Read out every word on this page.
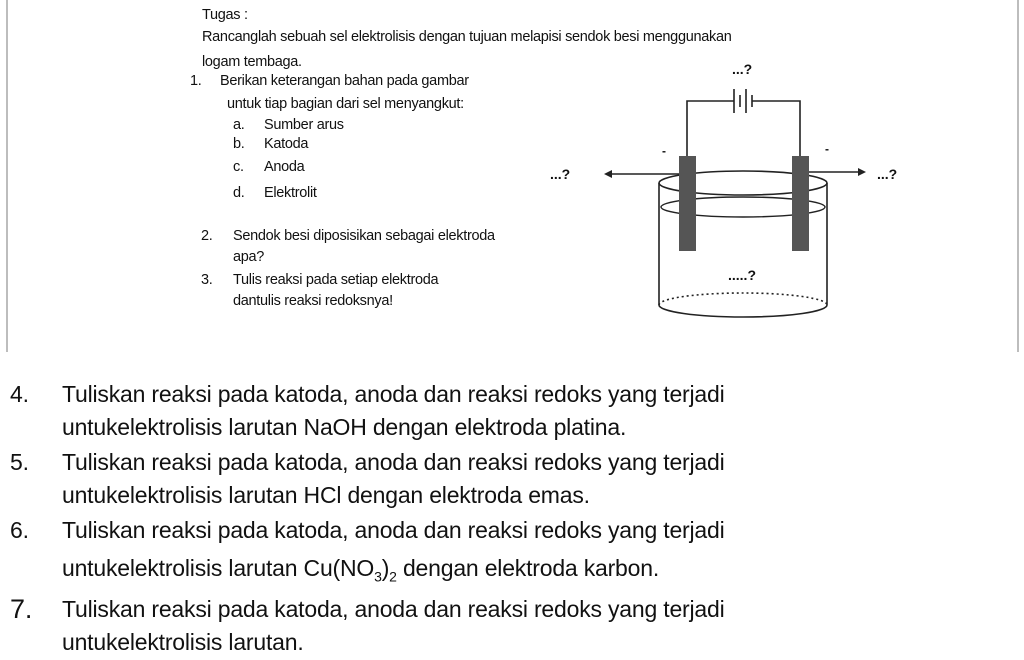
Tugas :
Rancanglah sebuah sel elektrolisis dengan tujuan melapisi sendok besi menggunakan
logam tembaga.
1. Berikan keterangan bahan pada gambar
untuk tiap bagian dari sel menyangkut:
a. Sumber arus
b. Katoda
c. Anoda
d. Elektrolit
2. Sendok besi diposisikan sebagai elektroda
apa?
3. Tulis reaksi pada setiap elektroda
dantulis reaksi redoksnya!
...?
...?	...?
.....?
-	-
4. Tuliskan reaksi pada katoda, anoda dan reaksi redoks yang terjadi
untukelektrolisis larutan NaOH dengan elektroda platina.
5. Tuliskan reaksi pada katoda, anoda dan reaksi redoks yang terjadi
untukelektrolisis larutan HCl dengan elektroda emas.
6. Tuliskan reaksi pada katoda, anoda dan reaksi redoks yang terjadi
untukelektrolisis larutan $Cu(NO_3)_2$ dengan elektroda karbon.
7. Tuliskan reaksi pada katoda, anoda dan reaksi redoks yang terjadi
untukelektrolisis larutan.
